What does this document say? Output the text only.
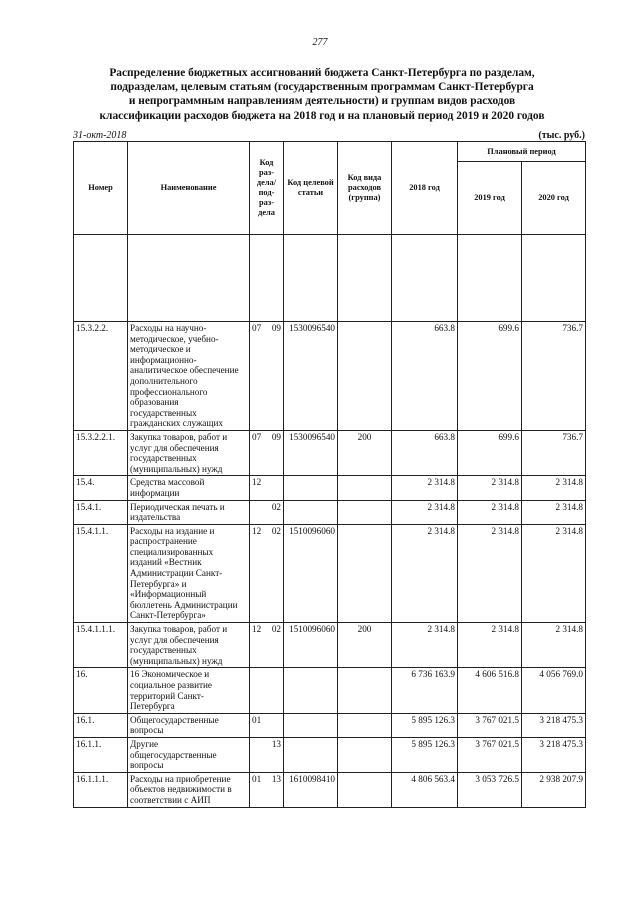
277
Распределение бюджетных ассигнований бюджета Санкт-Петербурга по разделам,
подразделам, целевым статьям (государственным программам Санкт-Петербурга
и непрограммным направлениям деятельности) и группам видов расходов
классификации расходов бюджета на 2018 год и на плановый период 2019 и 2020 годов
31-окт-2018	(тыс. руб.)
Номер	Наименование	Код раз-дела/ под-раз-дела	Код целевой статьи	Код вида расходов (группа)	2018 год	Плановый период	
						2019 год	2020 год

15.3.2.2.	Расходы на научно-методическое, учебно-методическое и информационно-аналитическое обеспечение дополнительного профессионального образования государственных гражданских служащих	07 09	1530096540		663.8	699.6	736.7
15.3.2.2.1.	Закупка товаров, работ и услуг для обеспечения государственных (муниципальных) нужд	07 09	1530096540	200	663.8	699.6	736.7
15.4.	Средства массовой информации	12			2 314.8	2 314.8	2 314.8
15.4.1.	Периодическая печать и издательства	02			2 314.8	2 314.8	2 314.8
15.4.1.1.	Расходы на издание и распространение специализированных изданий «Вестник Администрации Санкт-Петербурга» и «Информационный бюллетень Администрации Санкт-Петербурга»	12 02	1510096060		2 314.8	2 314.8	2 314.8
15.4.1.1.1.	Закупка товаров, работ и услуг для обеспечения государственных (муниципальных) нужд	12 02	1510096060	200	2 314.8	2 314.8	2 314.8
16.	16 Экономическое и социальное развитие территорий Санкт-Петербурга				6 736 163.9	4 606 516.8	4 056 769.0
16.1.	Общегосударственные вопросы	01			5 895 126.3	3 767 021.5	3 218 475.3
16.1.1.	Другие общегосударственные вопросы	13			5 895 126.3	3 767 021.5	3 218 475.3
16.1.1.1.	Расходы на приобретение объектов недвижимости в соответствии с АИП	01 13	1610098410		4 806 563.4	3 053 726.5	2 938 207.9
